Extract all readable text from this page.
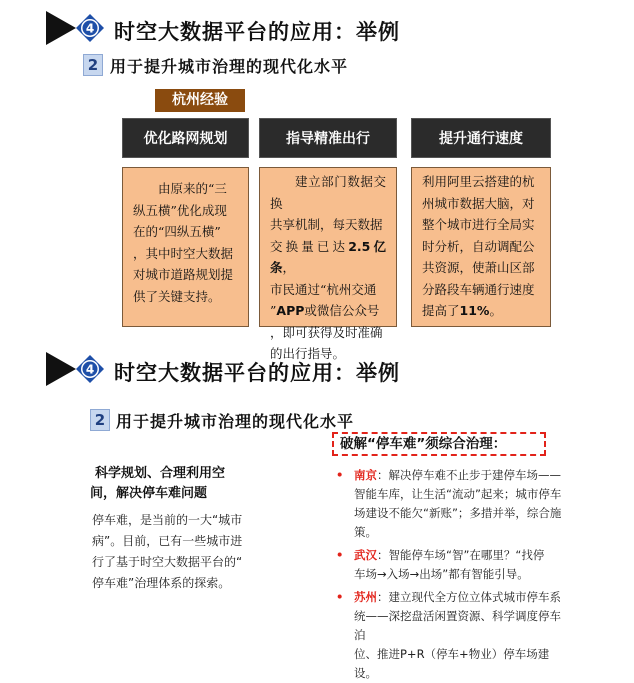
4 时空大数据平台的应用：举例
2 用于提升城市治理的现代化水平
杭州经验
优化路网规划

由原来的“三

纵五横”优化成现

在的“四纵五横”

，其中时空大数据

对城市道路规划提

供了关键支持。

指导精准出行

建立部门数据交换

共享机制，每天数据

交换量已达2.5亿条，

市民通过“杭州交通

”APP或微信公众号

，即可获得及时准确

的出行指导。

提升通行速度

利用阿里云搭建的杭

州城市数据大脑，对

整个城市进行全局实

时分析，自动调配公

共资源，使萧山区部

分路段车辆通行速度

提高了11%。

4 时空大数据平台的应用：举例
2 用于提升城市治理的现代化水平
科学规划、合理利用空
间，解决停车难问题
停车难，是当前的一大“城市
病”。目前，已有一些城市进
行了基于时空大数据平台的“
停车难”治理体系的探索。
破解“停车难”须综合治理：
• 南京：解决停车难不止步于建停车场——
智能车库，让生活“流动”起来；城市停车
场建设不能欠“新账”；多措并举，综合施
策。
• 武汉：智能停车场“智”在哪里？“找停
车场→入场→出场”都有智能引导。
• 苏州：建立现代全方位立体式城市停车系
统——深挖盘活闲置资源、科学调度停车泊
位、推进P+R（停车+物业）停车场建设。
